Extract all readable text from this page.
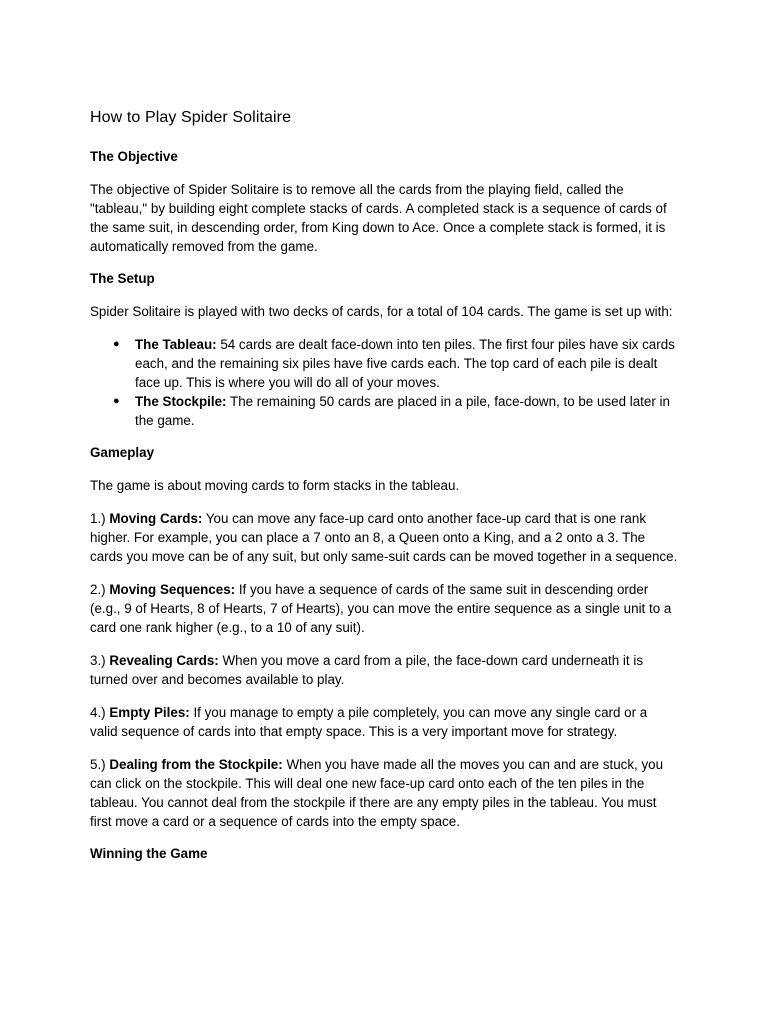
How to Play Spider Solitaire
The Objective

The objective of Spider Solitaire is to remove all the cards from the playing field, called the "tableau," by building eight complete stacks of cards. A completed stack is a sequence of cards of the same suit, in descending order, from King down to Ace. Once a complete stack is formed, it is automatically removed from the game.

The Setup

Spider Solitaire is played with two decks of cards, for a total of 104 cards. The game is set up with:

● The Tableau: 54 cards are dealt face-down into ten piles. The first four piles have six cards each, and the remaining six piles have five cards each. The top card of each pile is dealt face up. This is where you will do all of your moves.
● The Stockpile: The remaining 50 cards are placed in a pile, face-down, to be used later in the game.
Gameplay

The game is about moving cards to form stacks in the tableau.

1.) Moving Cards: You can move any face-up card onto another face-up card that is one rank higher. For example, you can place a 7 onto an 8, a Queen onto a King, and a 2 onto a 3. The cards you move can be of any suit, but only same-suit cards can be moved together in a sequence.

2.) Moving Sequences: If you have a sequence of cards of the same suit in descending order (e.g., 9 of Hearts, 8 of Hearts, 7 of Hearts), you can move the entire sequence as a single unit to a card one rank higher (e.g., to a 10 of any suit).

3.) Revealing Cards: When you move a card from a pile, the face-down card underneath it is turned over and becomes available to play.

4.) Empty Piles: If you manage to empty a pile completely, you can move any single card or a valid sequence of cards into that empty space. This is a very important move for strategy.

5.) Dealing from the Stockpile: When you have made all the moves you can and are stuck, you can click on the stockpile. This will deal one new face-up card onto each of the ten piles in the tableau. You cannot deal from the stockpile if there are any empty piles in the tableau. You must first move a card or a sequence of cards into the empty space.

Winning the Game
